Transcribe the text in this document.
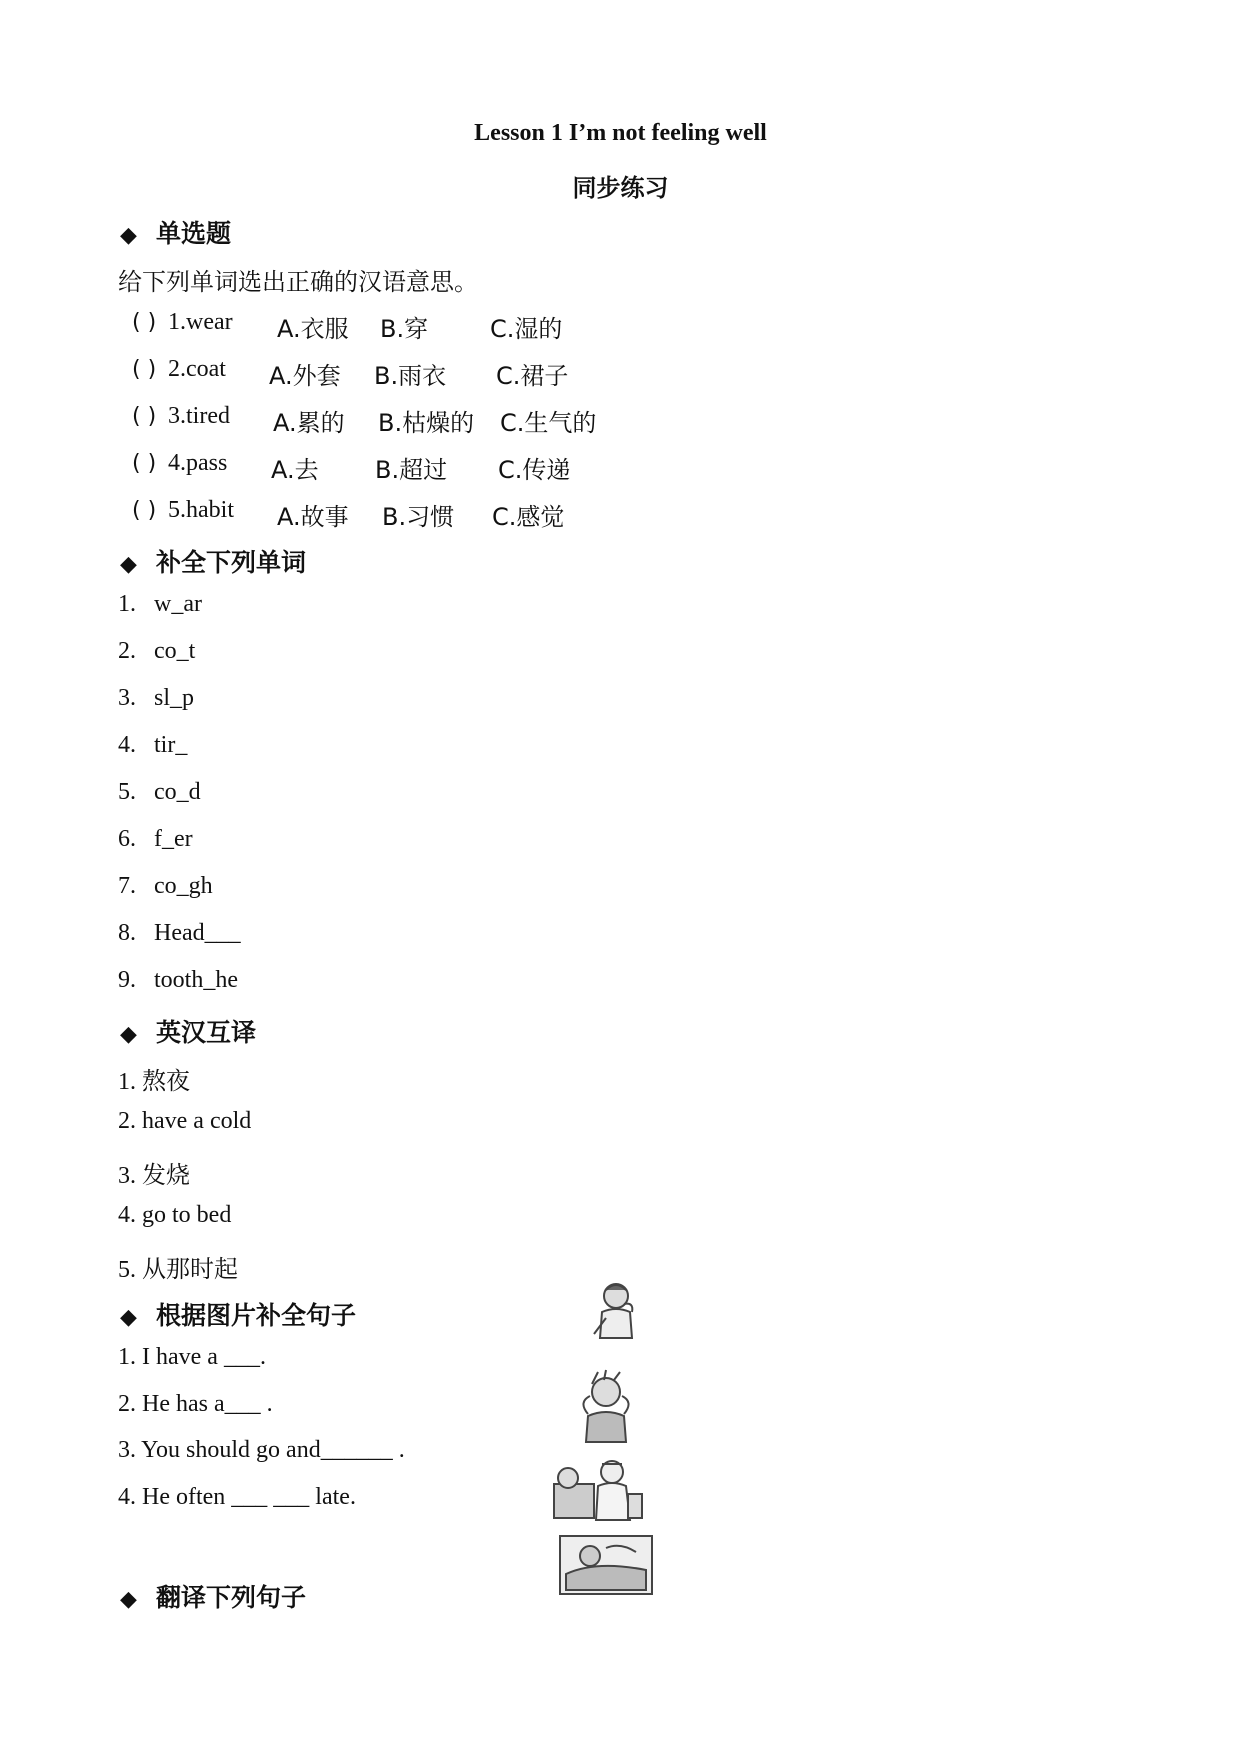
Lesson 1 I’m not feeling well
同步练习
◆ 单选题
给下列单词选出正确的汉语意思。
( ) 1.wear A.衣服 B.穿	C.湿的
( ) 2.coat A.外套 B.雨衣 C.裙子
( ) 3.tired A.累的 B.枯燥的 C.生气的
( ) 4.pass A.去 B.超过 C.传递
( ) 5.habit A.故事 B.习惯 C.感觉
◆ 补全下列单词
1. w_ar
2. co_t
3. sl_p
4. tir_
5. co_d
6. f_er
7. co_gh
8. Head___
9. tooth_he
◆ 英汉互译
1. 熬夜
2. have a cold
3. 发烧
4. go to bed
5. 从那时起
◆ 根据图片补全句子
1. I have a ___.
2. He has a___ .
3. You should go and______ .
4. He often ___ ___ late.
◆ 翻译下列句子
